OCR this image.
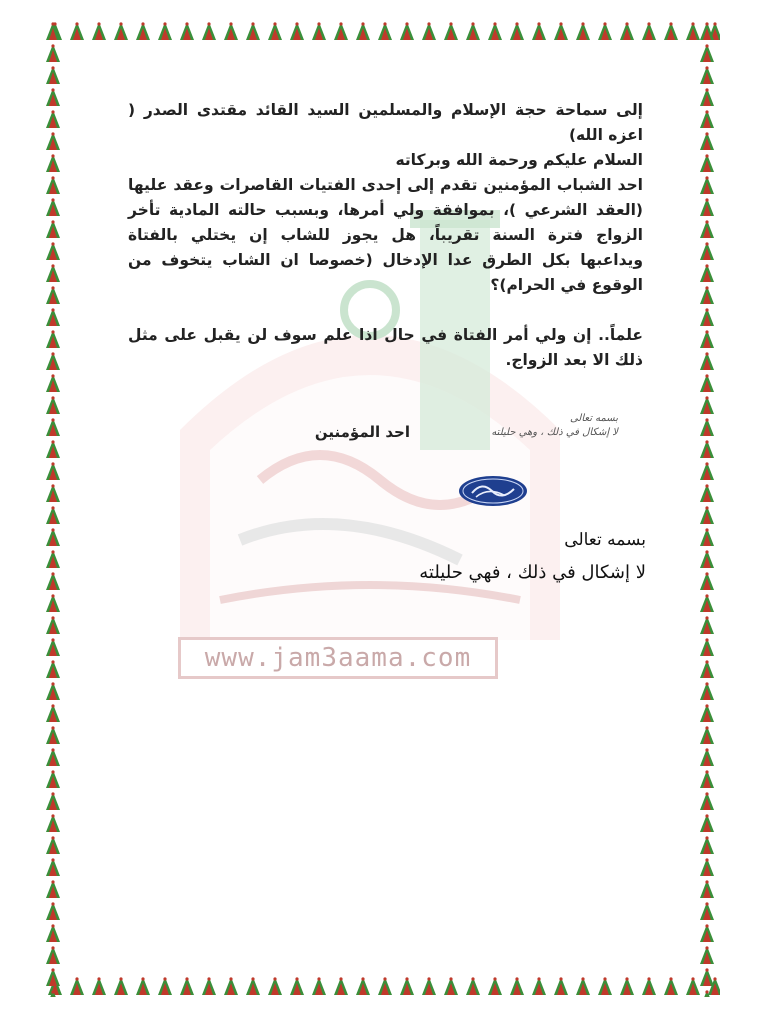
www.jam3aama.com

إلى سماحة حجة الإسلام والمسلمين السيد القائد مقتدى الصدر ( اعزه الله)

السلام عليكم ورحمة الله وبركاته

احد الشباب المؤمنين تقدم إلى إحدى الفتيات القاصرات وعقد عليها (العقد الشرعي )، بموافقة ولي أمرها، وبسبب حالته المادية تأخر الزواج فترة السنة تقريباً، هل يجوز للشاب إن يختلي بالفتاة ويداعبها بكل الطرق عدا الإدخال (خصوصا ان الشاب يتخوف من الوقوع في الحرام)؟

علماً.. إن ولي أمر الفتاة في حال اذا علم سوف لن يقبل على مثل ذلك الا بعد الزواج.

احد المؤمنين
بسمه تعالى
لا إشكال في ذلك ، وهي حليلته
بسمه تعالى
لا إشكال في ذلك ، فهي حليلته
